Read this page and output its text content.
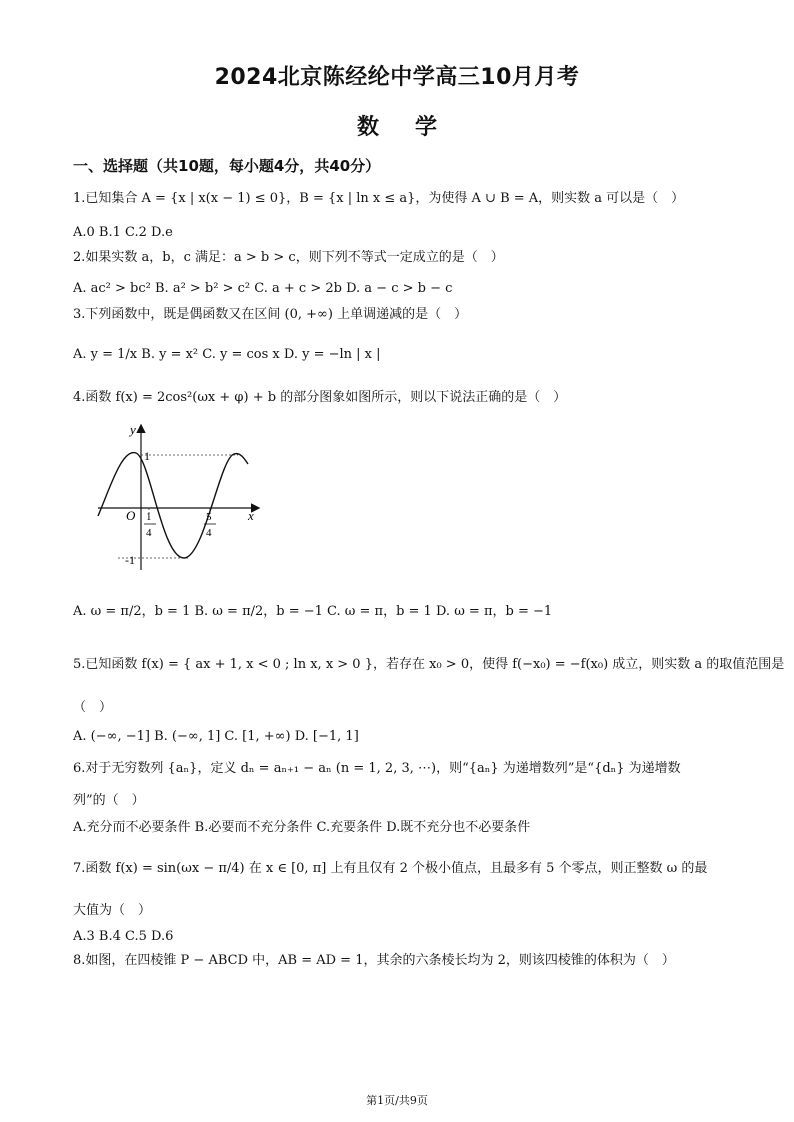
2024北京陈经纶中学高三10月月考
数学
一、选择题（共10题，每小题4分，共40分）
1.已知集合 A = {x | x(x − 1) ≤ 0}，B = {x | ln x ≤ a}，为使得 A ∪ B = A，则实数 a 可以是（　）
A.0 B.1 C.2 D.e
2.如果实数 a，b，c 满足：a > b > c，则下列不等式一定成立的是（　）
A. ac² > bc² B. a² > b² > c² C. a + c > 2b D. a − c > b − c
3.下列函数中，既是偶函数又在区间 (0, +∞) 上单调递减的是（　）
A. y = 1/x B. y = x² C. y = cos x D. y = −ln | x |
4.函数 f(x) = 2cos²(ωx + φ) + b 的部分图象如图所示，则以下说法正确的是（　）
y
x
O
1
-1
1
4
5
4
A. ω = π/2，b = 1 B. ω = π/2，b = −1 C. ω = π，b = 1 D. ω = π，b = −1
5.已知函数 f(x) = { ax + 1, x < 0 ; ln x, x > 0 }，若存在 x₀ > 0，使得 f(−x₀) = −f(x₀) 成立，则实数 a 的取值范围是
（　）
A. (−∞, −1] B. (−∞, 1] C. [1, +∞) D. [−1, 1]
6.对于无穷数列 {aₙ}，定义 dₙ = aₙ₊₁ − aₙ (n = 1, 2, 3, ⋯)，则“{aₙ} 为递增数列”是“{dₙ} 为递增数
列”的（　）
A.充分而不必要条件 B.必要而不充分条件 C.充要条件 D.既不充分也不必要条件
7.函数 f(x) = sin(ωx − π/4) 在 x ∈ [0, π] 上有且仅有 2 个极小值点，且最多有 5 个零点，则正整数 ω 的最
大值为（　）
A.3 B.4 C.5 D.6
8.如图，在四棱锥 P − ABCD 中，AB = AD = 1，其余的六条棱长均为 2，则该四棱锥的体积为（　）
第1页/共9页
